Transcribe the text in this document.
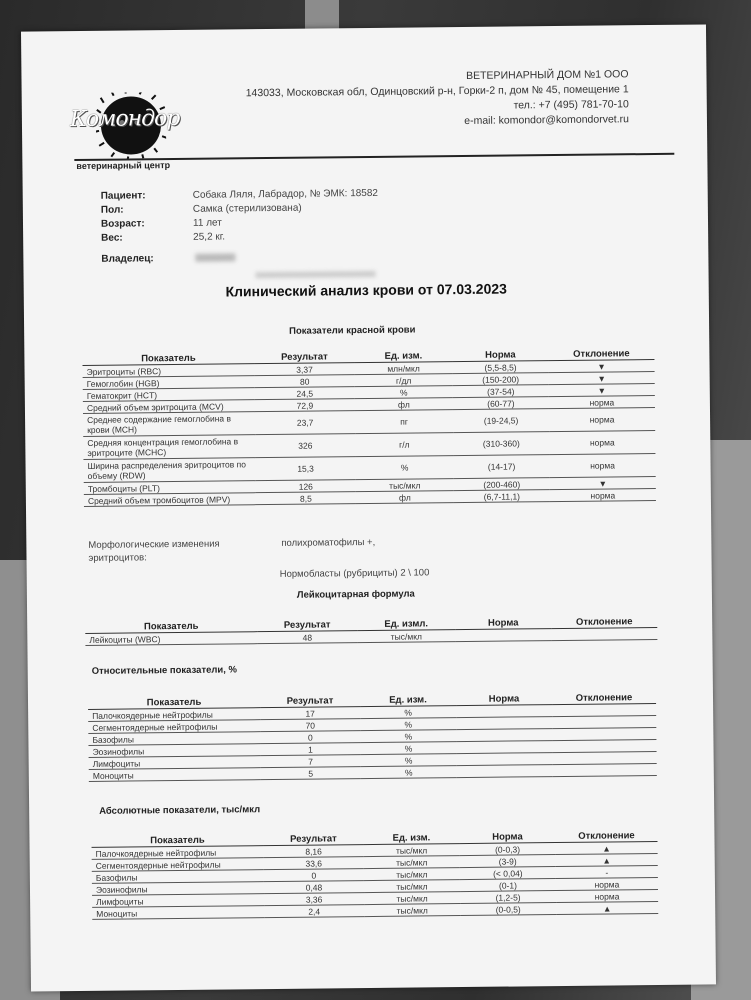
Комондор
ветеринарный центр
ВЕТЕРИНАРНЫЙ ДОМ №1 ООО
143033, Московская обл, Одинцовский р-н, Горки-2 п, дом № 45, помещение 1
тел.: +7 (495) 781-70-10
e-mail: komondor@komondorvet.ru
Пациент:	Собака Ляля, Лабрадор, № ЭМК: 18582
Пол:	Самка (стерилизована)
Возраст:	11 лет
Вес:	25,2 кг.
Владелец:
Клинический анализ крови от 07.03.2023
Показатели красной крови
Показатель	Результат	Ед. изм.	Норма	Отклонение
Эритроциты (RBC)	3,37	млн/мкл	(5,5-8,5)	▼
Гемоглобин (HGB)	80	г/дл	(150-200)	▼
Гематокрит (HCT)	24,5	%	(37-54)	▼
Средний объем эритроцита (MCV)	72,9	фл	(60-77)	норма
Среднее содержание гемоглобина в крови (MCH)	23,7	пг	(19-24,5)	норма
Средняя концентрация гемоглобина в эритроците (MCHC)	326	г/л	(310-360)	норма
Ширина распределения эритроцитов по объему (RDW)	15,3	%	(14-17)	норма
Тромбоциты (PLT)	126	тыс/мкл	(200-460)	▼
Средний объем тромбоцитов (MPV)	8,5	фл	(6,7-11,1)	норма
Морфологические изменения эритроцитов:
полихроматофилы +,
Нормобласты (рубрициты) 2 \ 100
Лейкоцитарная формула
Показатель	Результат	Ед. измл.	Норма	Отклонение
Лейкоциты (WBC)	48	тыс/мкл		
Относительные показатели, %
Показатель	Результат	Ед. изм.	Норма	Отклонение
Палочкоядерные нейтрофилы	17	%		
Сегментоядерные нейтрофилы	70	%		
Базофилы	0	%		
Эозинофилы	1	%		
Лимфоциты	7	%		
Моноциты	5	%		
Абсолютные показатели, тыс/мкл
Показатель	Результат	Ед. изм.	Норма	Отклонение
Палочкоядерные нейтрофилы	8,16	тыс/мкл	(0-0,3)	▲
Сегментоядерные нейтрофилы	33,6	тыс/мкл	(3-9)	▲
Базофилы	0	тыс/мкл	(< 0,04)	-
Эозинофилы	0,48	тыс/мкл	(0-1)	норма
Лимфоциты	3,36	тыс/мкл	(1,2-5)	норма
Моноциты	2,4	тыс/мкл	(0-0,5)	▲
